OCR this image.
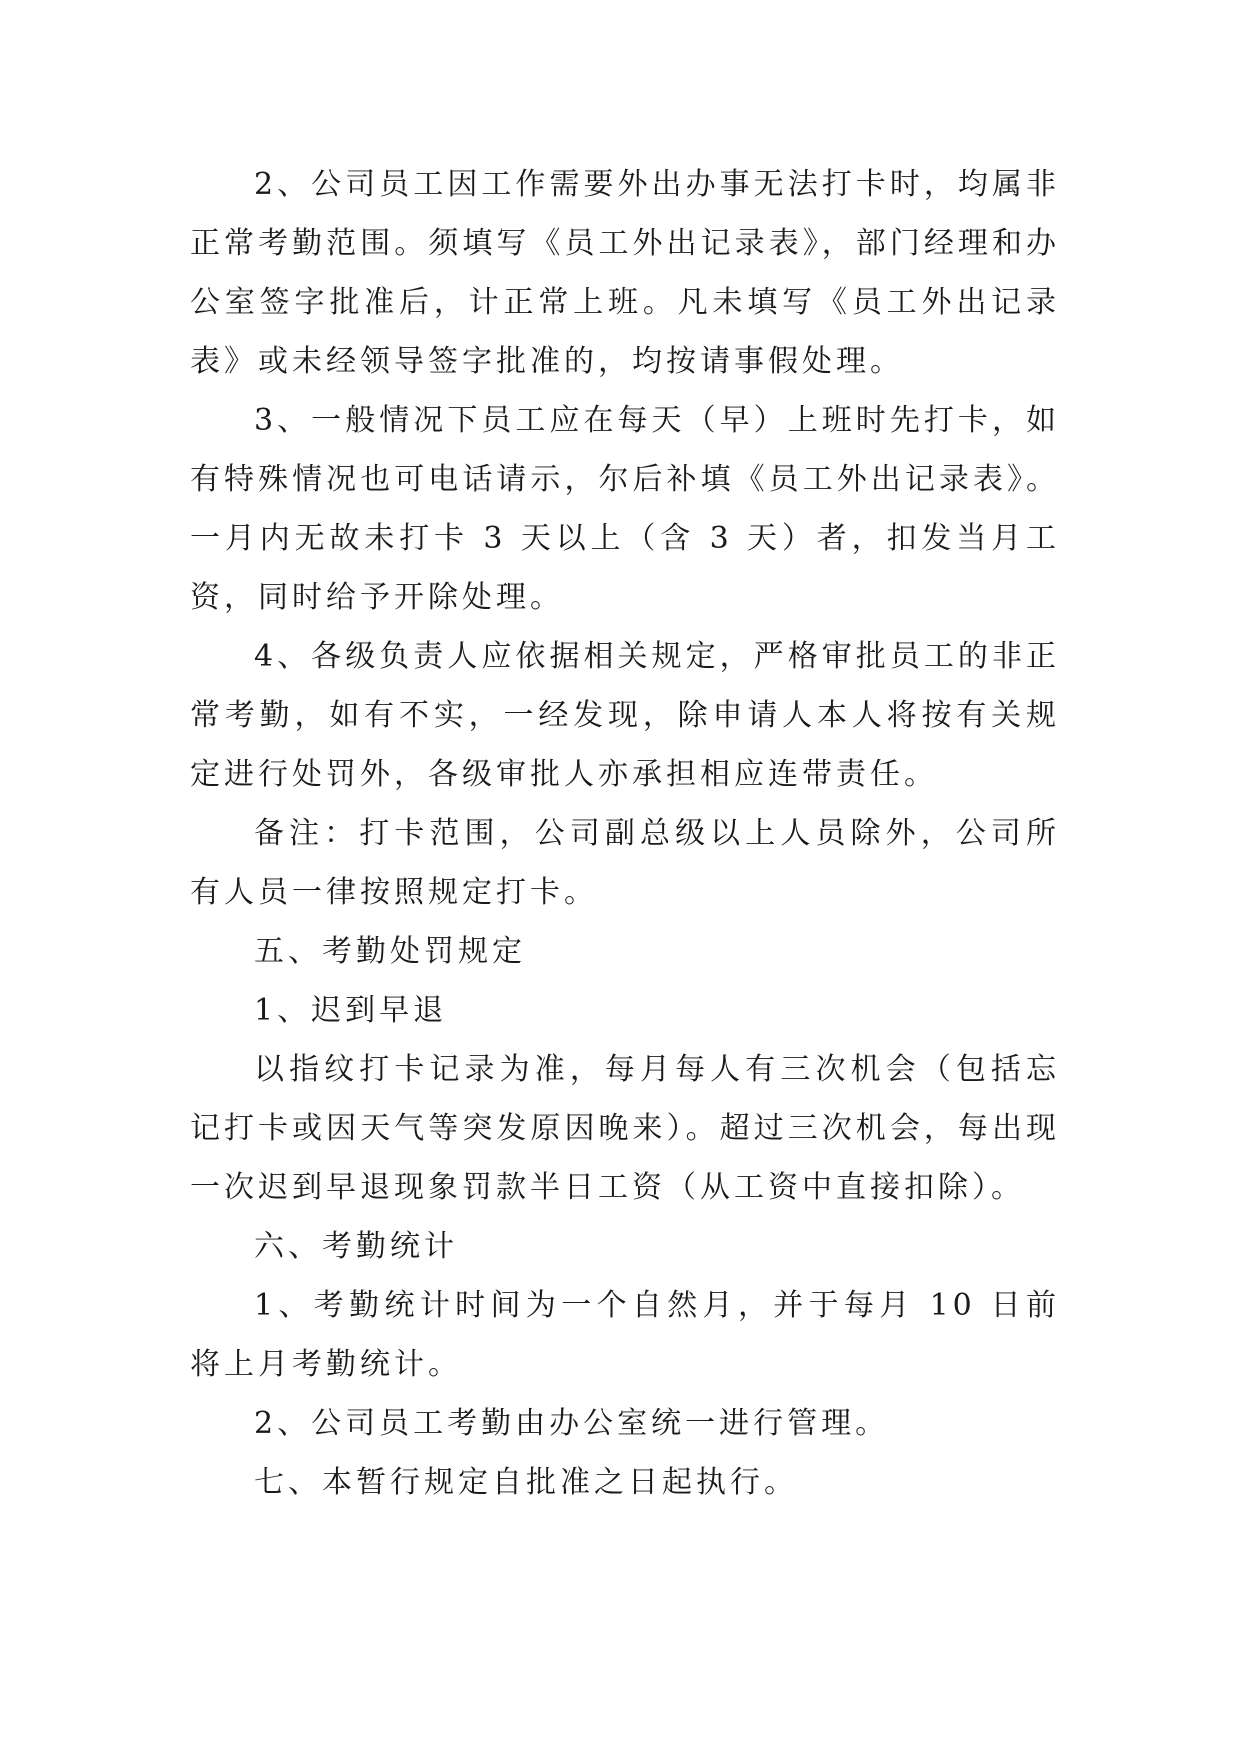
2、公司员工因工作需要外出办事无法打卡时，均属非正常考勤范围。须填写《员工外出记录表》，部门经理和办公室签字批准后，计正常上班。凡未填写《员工外出记录表》或未经领导签字批准的，均按请事假处理。

3、一般情况下员工应在每天（早）上班时先打卡，如有特殊情况也可电话请示，尔后补填《员工外出记录表》。一月内无故未打卡 3 天以上（含 3 天）者，扣发当月工资，同时给予开除处理。

4、各级负责人应依据相关规定，严格审批员工的非正常考勤，如有不实，一经发现，除申请人本人将按有关规定进行处罚外，各级审批人亦承担相应连带责任。

备注：打卡范围，公司副总级以上人员除外，公司所有人员一律按照规定打卡。

五、考勤处罚规定

1、迟到早退

以指纹打卡记录为准，每月每人有三次机会（包括忘记打卡或因天气等突发原因晚来）。超过三次机会，每出现一次迟到早退现象罚款半日工资（从工资中直接扣除）。

六、考勤统计

1、考勤统计时间为一个自然月，并于每月 10 日前将上月考勤统计。

2、公司员工考勤由办公室统一进行管理。

七、本暂行规定自批准之日起执行。
